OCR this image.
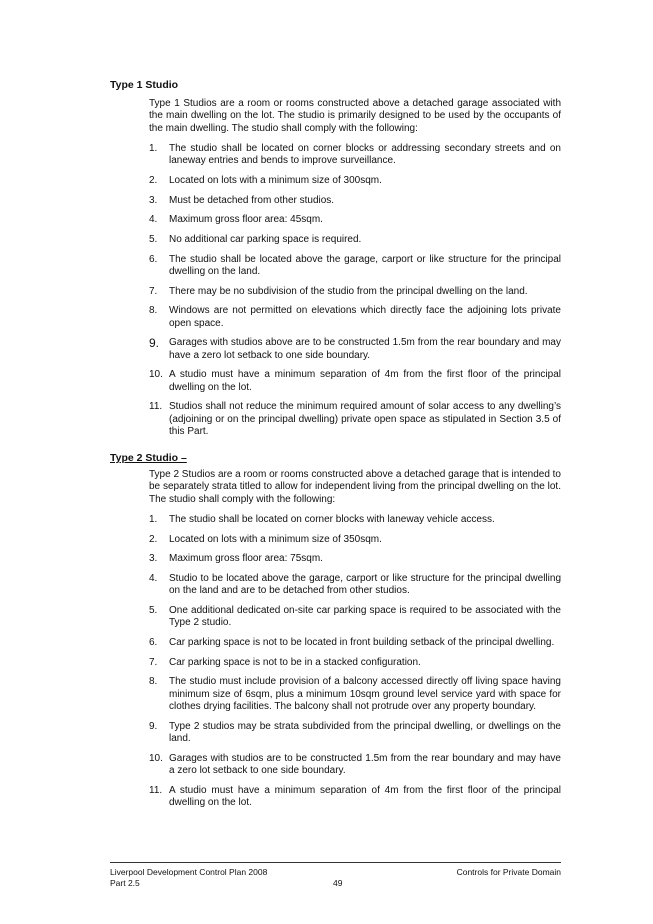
Type 1 Studio
Type 1 Studios are a room or rooms constructed above a detached garage associated with the main dwelling on the lot. The studio is primarily designed to be used by the occupants of the main dwelling. The studio shall comply with the following:
1. The studio shall be located on corner blocks or addressing secondary streets and on laneway entries and bends to improve surveillance.
2. Located on lots with a minimum size of 300sqm.
3. Must be detached from other studios.
4. Maximum gross floor area: 45sqm.
5. No additional car parking space is required.
6. The studio shall be located above the garage, carport or like structure for the principal dwelling on the land.
7. There may be no subdivision of the studio from the principal dwelling on the land.
8. Windows are not permitted on elevations which directly face the adjoining lots private open space.
9. Garages with studios above are to be constructed 1.5m from the rear boundary and may have a zero lot setback to one side boundary.
10. A studio must have a minimum separation of 4m from the first floor of the principal dwelling on the lot.
11. Studios shall not reduce the minimum required amount of solar access to any dwelling’s (adjoining or on the principal dwelling) private open space as stipulated in Section 3.5 of this Part.
Type 2 Studio –
Type 2 Studios are a room or rooms constructed above a detached garage that is intended to be separately strata titled to allow for independent living from the principal dwelling on the lot. The studio shall comply with the following:
1. The studio shall be located on corner blocks with laneway vehicle access.
2. Located on lots with a minimum size of 350sqm.
3. Maximum gross floor area: 75sqm.
4. Studio to be located above the garage, carport or like structure for the principal dwelling on the land and are to be detached from other studios.
5. One additional dedicated on-site car parking space is required to be associated with the Type 2 studio.
6. Car parking space is not to be located in front building setback of the principal dwelling.
7. Car parking space is not to be in a stacked configuration.
8. The studio must include provision of a balcony accessed directly off living space having minimum size of 6sqm, plus a minimum 10sqm ground level service yard with space for clothes drying facilities. The balcony shall not protrude over any property boundary.
9. Type 2 studios may be strata subdivided from the principal dwelling, or dwellings on the land.
10. Garages with studios are to be constructed 1.5m from the rear boundary and may have a zero lot setback to one side boundary.
11. A studio must have a minimum separation of 4m from the first floor of the principal dwelling on the lot.
Liverpool Development Control Plan 2008
Part 2.5
Controls for Private Domain
49
